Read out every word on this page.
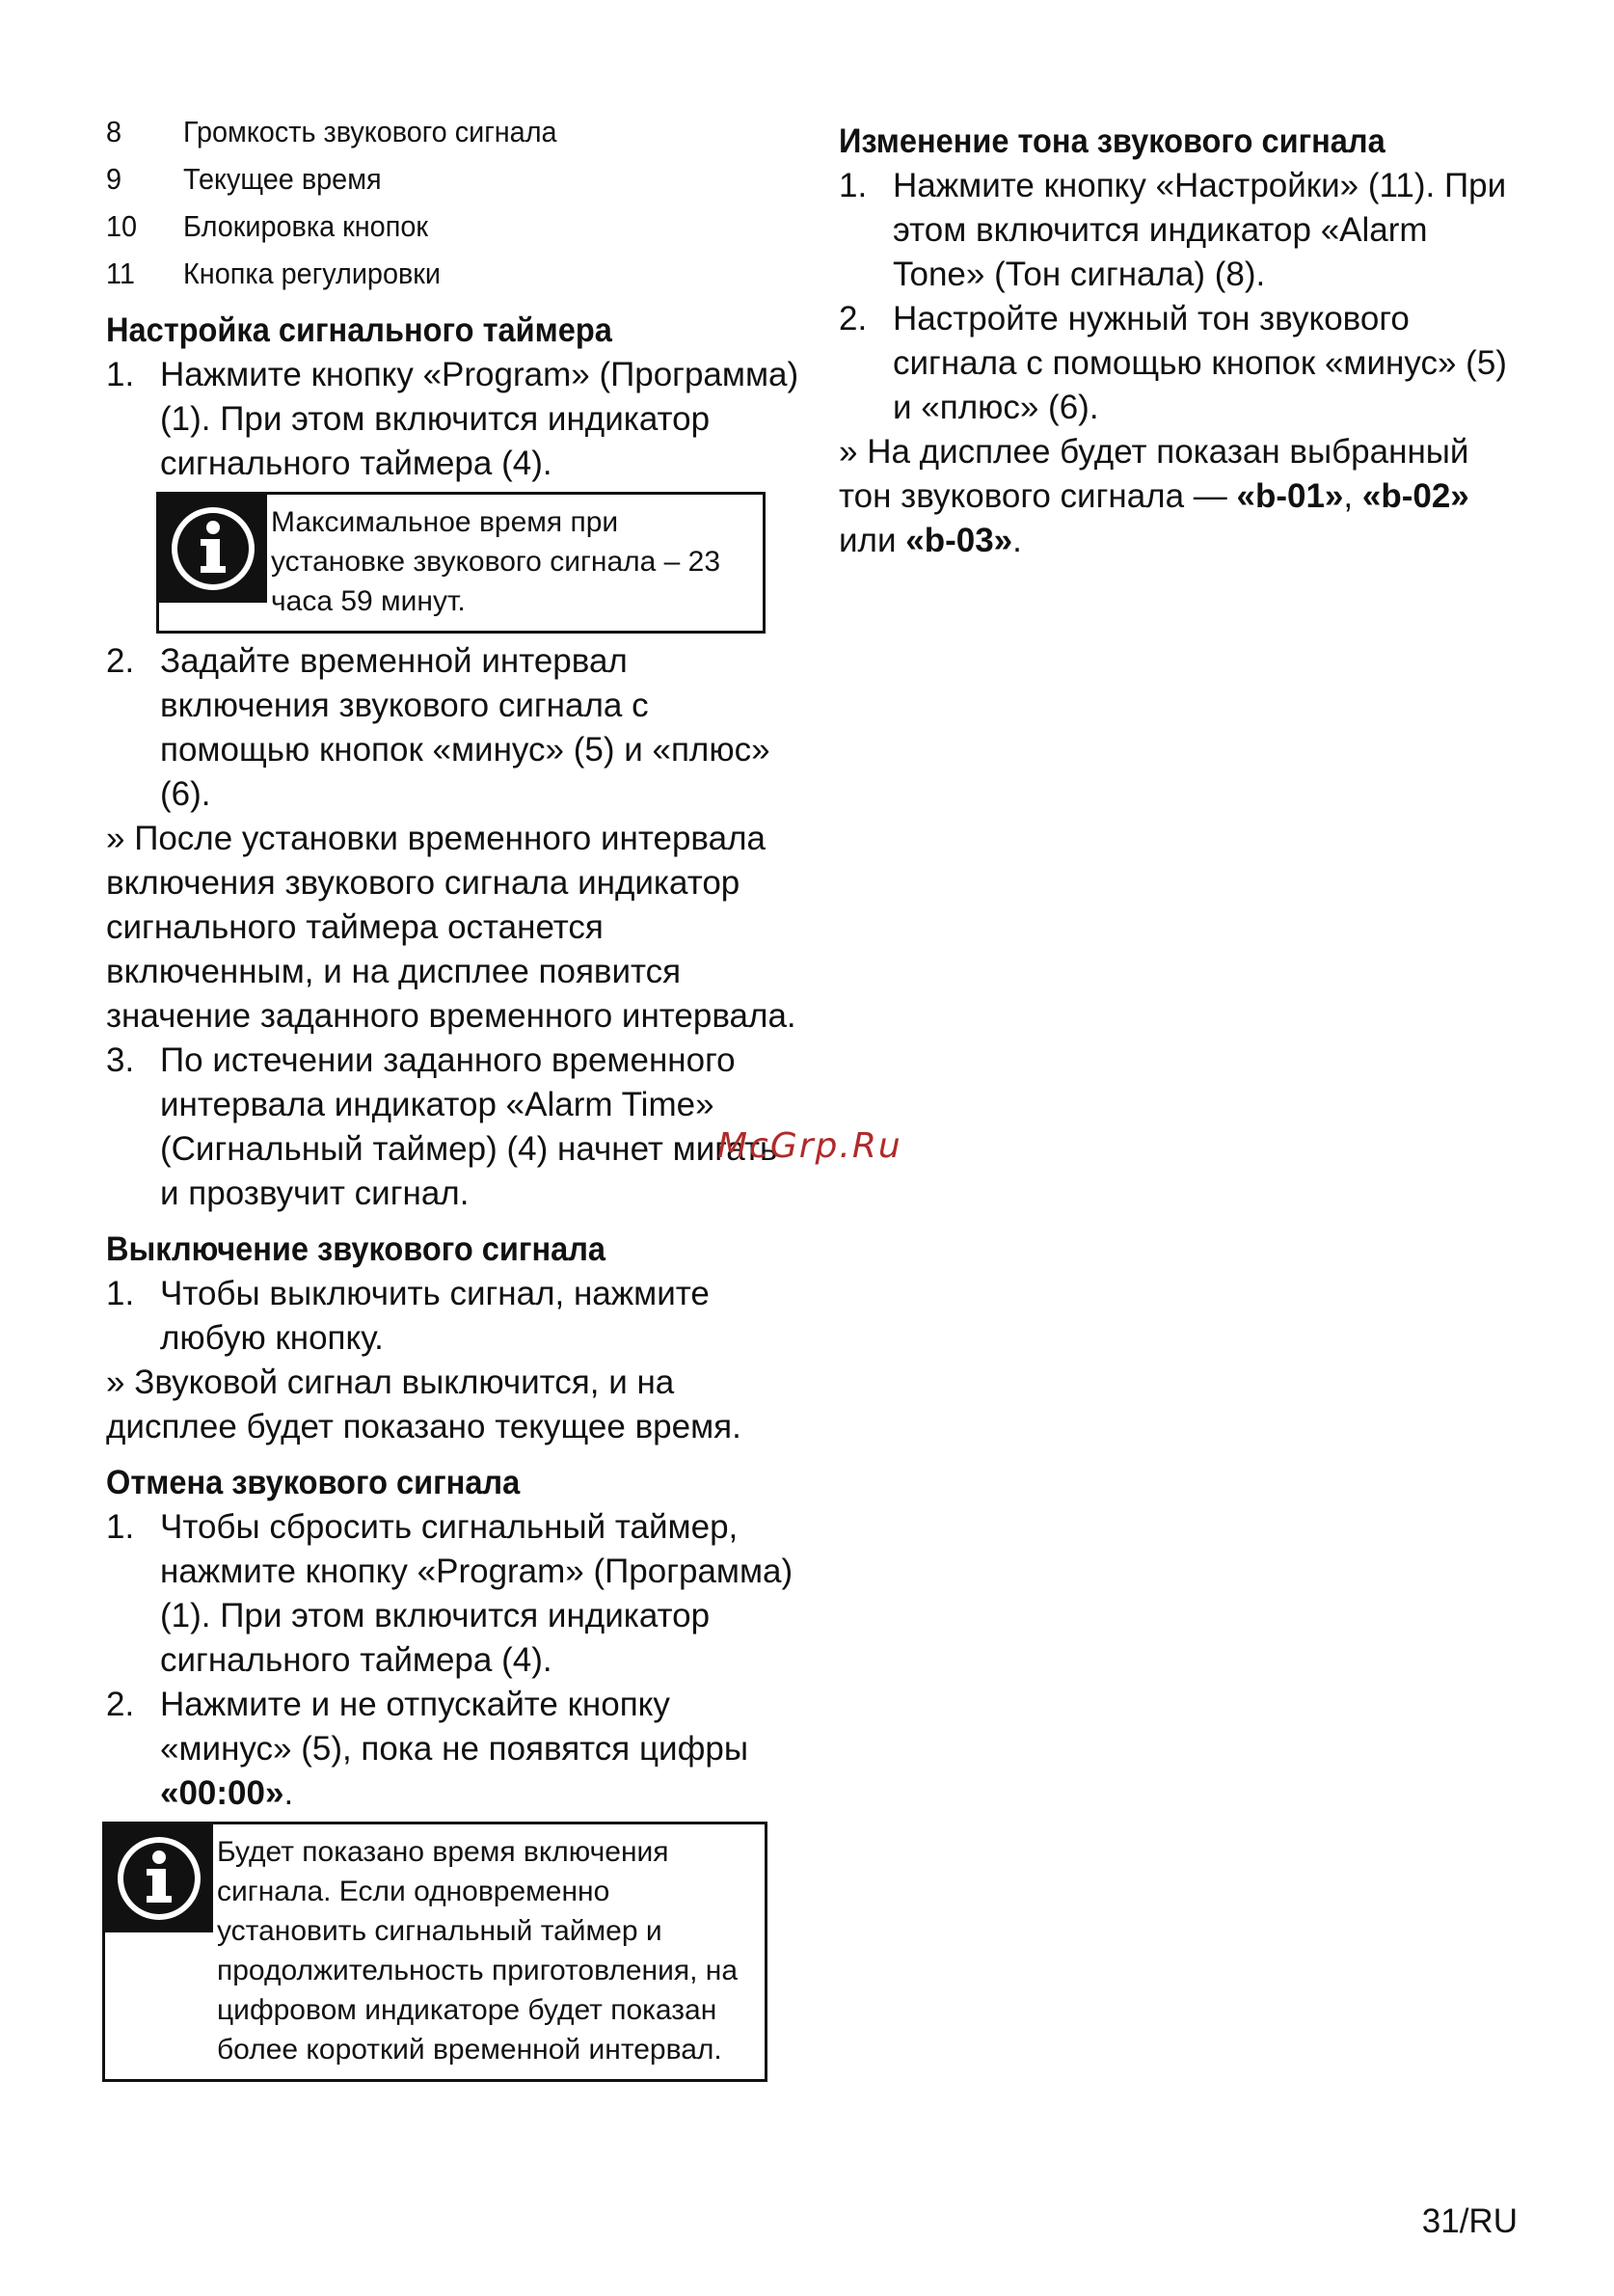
8	Громкость звукового сигнала
9	Текущее время
10	Блокировка кнопок
11	Кнопка регулировки
Настройка сигнального таймера
1. Нажмите кнопку «Program» (Программа) (1). При этом включится индикатор сигнального таймера (4).
Максимальное время при установке звукового сигнала – 23 часа 59 минут.
2. Задайте временной интервал включения звукового сигнала с помощью кнопок «минус» (5) и «плюс» (6).
» После установки временного интервала включения звукового сигнала индикатор сигнального таймера останется включенным, и на дисплее появится значение заданного временного интервала.
3. По истечении заданного временного интервала индикатор «Alarm Time» (Сигнальный таймер) (4) начнет мигать и прозвучит сигнал.
Выключение звукового сигнала
1. Чтобы выключить сигнал, нажмите любую кнопку.
» Звуковой сигнал выключится, и на дисплее будет показано текущее время.
Отмена звукового сигнала
1. Чтобы сбросить сигнальный таймер, нажмите кнопку «Program» (Программа) (1). При этом включится индикатор сигнального таймера (4).
2. Нажмите и не отпускайте кнопку «минус» (5), пока не появятся цифры «00:00».
Будет показано время включения сигнала. Если одновременно установить сигнальный таймер и продолжительность приготовления, на цифровом индикаторе будет показан более короткий временной интервал.
Изменение тона звукового сигнала
1. Нажмите кнопку «Настройки» (11). При этом включится индикатор «Alarm Tone» (Тон сигнала) (8).
2. Настройте нужный тон звукового сигнала с помощью кнопок «минус» (5) и «плюс» (6).
» На дисплее будет показан выбранный тон звукового сигнала — «b-01», «b-02» или «b-03».
McGrp.Ru
31/RU
